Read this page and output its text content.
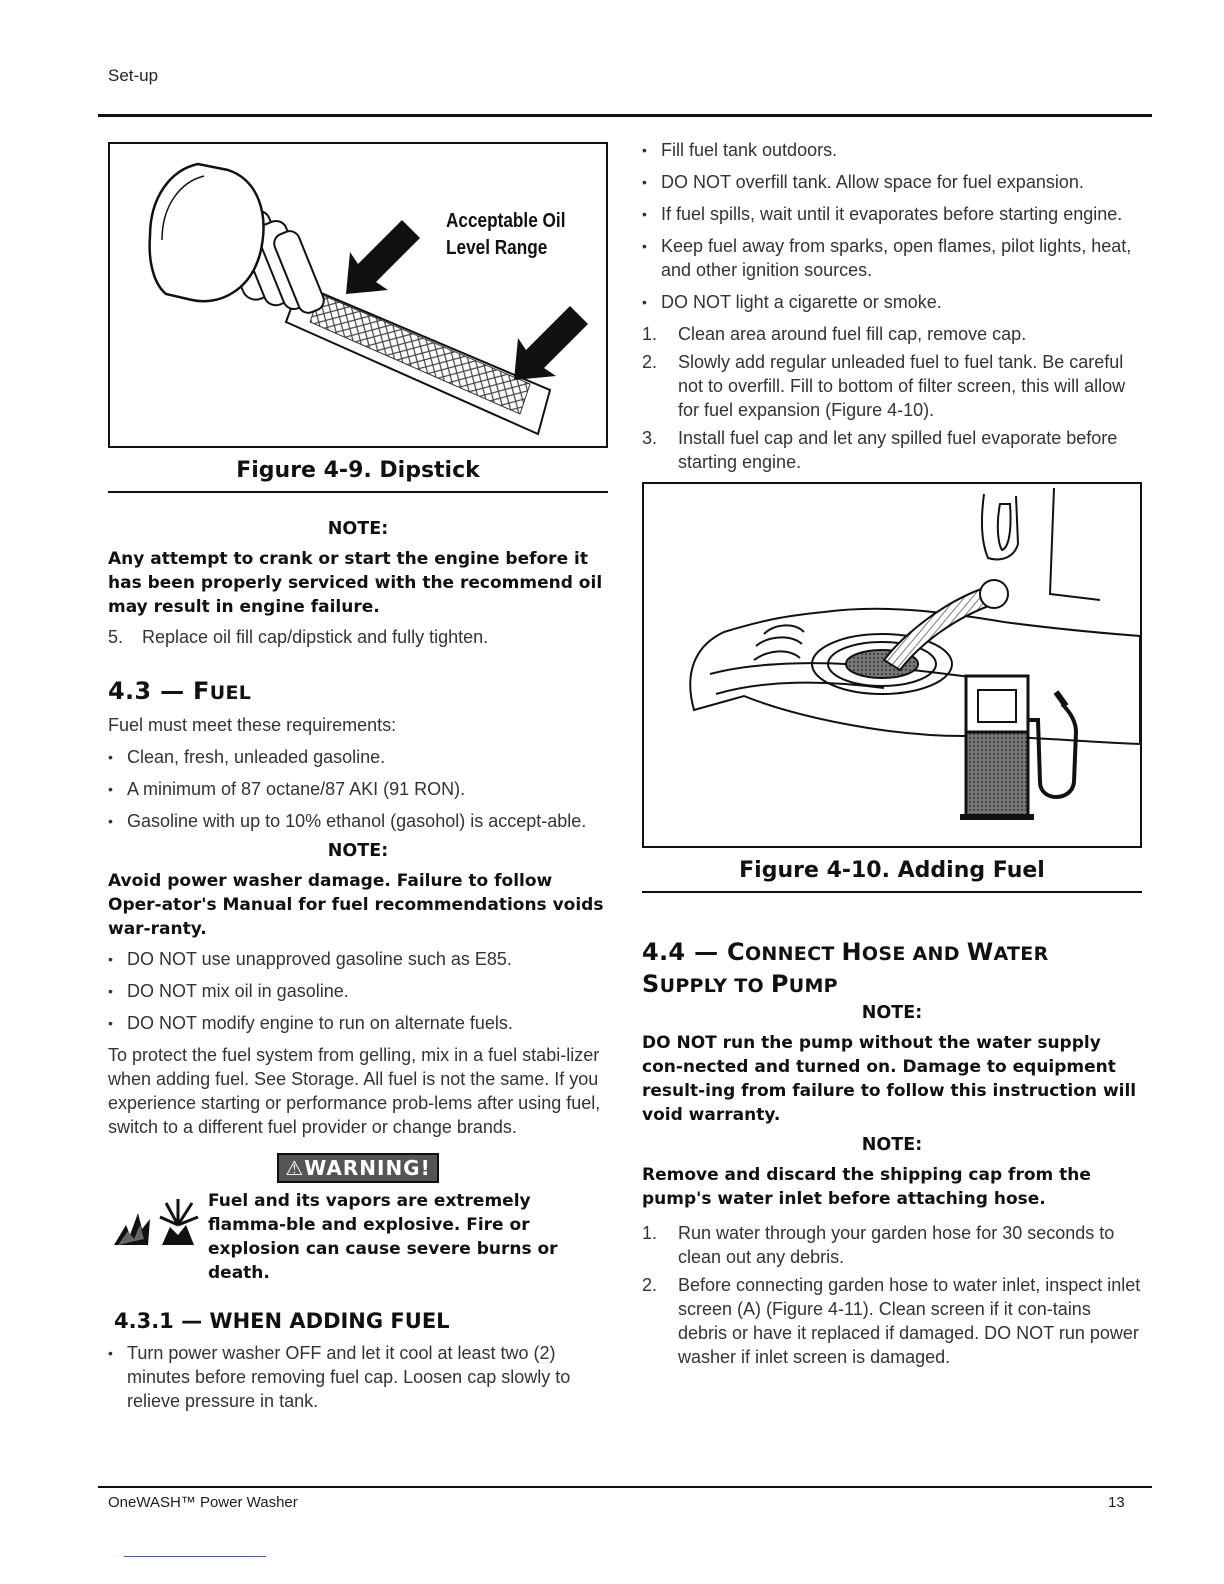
Set-up
Acceptable Oil
Level Range
Figure 4-9. Dipstick
NOTE:
Any attempt to crank or start the engine before it has been properly serviced with the recommend oil may result in engine failure.
5. Replace oil fill cap/dipstick and fully tighten.
4.3 — FUEL

Fuel must meet these requirements:

• Clean, fresh, unleaded gasoline.
• A minimum of 87 octane/87 AKI (91 RON).
• Gasoline with up to 10% ethanol (gasohol) is accept-able.
NOTE:
Avoid power washer damage. Failure to follow Oper-ator's Manual for fuel recommendations voids war-ranty.
• DO NOT use unapproved gasoline such as E85.
• DO NOT mix oil in gasoline.
• DO NOT modify engine to run on alternate fuels.

To protect the fuel system from gelling, mix in a fuel stabi-lizer when adding fuel. See Storage. All fuel is not the same. If you experience starting or performance prob-lems after using fuel, switch to a different fuel provider or change brands.

⚠WARNING!
Fuel and its vapors are extremely flamma-ble and explosive. Fire or explosion can cause severe burns or death.
4.3.1 — WHEN ADDING FUEL
• Turn power washer OFF and let it cool at least two (2) minutes before removing fuel cap. Loosen cap slowly to relieve pressure in tank.
• Fill fuel tank outdoors.
• DO NOT overfill tank. Allow space for fuel expansion.
• If fuel spills, wait until it evaporates before starting engine.
• Keep fuel away from sparks, open flames, pilot lights, heat, and other ignition sources.
• DO NOT light a cigarette or smoke.
1. Clean area around fuel fill cap, remove cap.
2. Slowly add regular unleaded fuel to fuel tank. Be careful not to overfill. Fill to bottom of filter screen, this will allow for fuel expansion (Figure 4-10).
3. Install fuel cap and let any spilled fuel evaporate before starting engine.
Figure 4-10. Adding Fuel
4.4 — CONNECT HOSE AND WATER
SUPPLY TO PUMP
NOTE:
DO NOT run the pump without the water supply con-nected and turned on. Damage to equipment result-ing from failure to follow this instruction will void warranty.
NOTE:
Remove and discard the shipping cap from the pump's water inlet before attaching hose.
1. Run water through your garden hose for 30 seconds to clean out any debris.
2. Before connecting garden hose to water inlet, inspect inlet screen (A) (Figure 4-11). Clean screen if it con-tains debris or have it replaced if damaged. DO NOT run power washer if inlet screen is damaged.
OneWASH™ Power Washer	13
